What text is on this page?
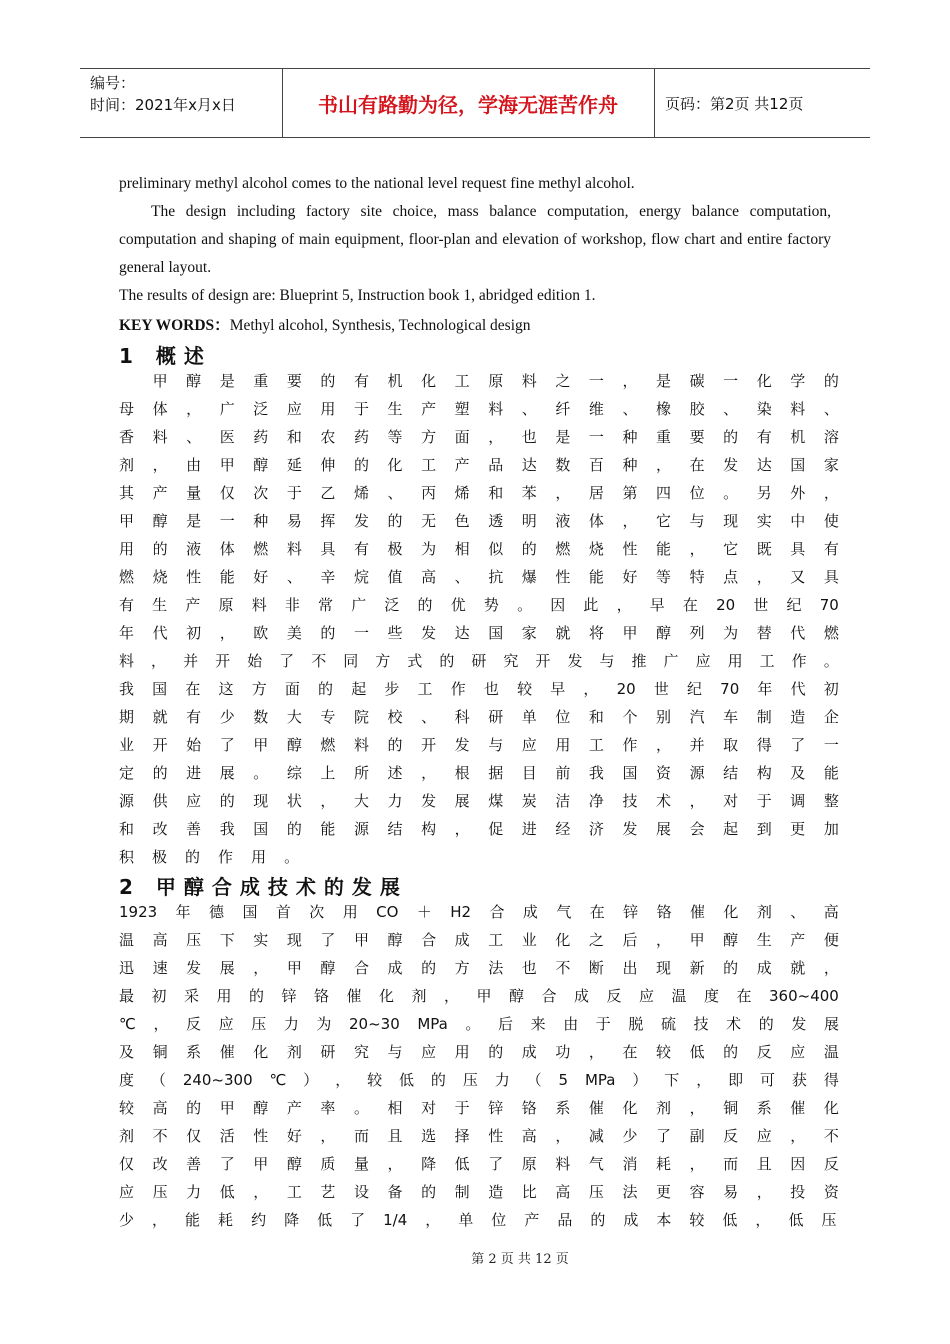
编号：
时间：2021年x月x日	书山有路勤为径，学海无涯苦作舟	页码：第2页 共12页

preliminary methyl alcohol comes to the national level request fine methyl alcohol.

The design including factory site choice, mass balance computation, energy balance computation, computation and shaping of main equipment, floor-plan and elevation of workshop, flow chart and entire factory general layout.

The results of design are: Blueprint 5, Instruction book 1, abridged edition 1.

KEY WORDS：Methyl alcohol, Synthesis, Technological design

1 概述

甲 醇 是 重 要 的 有 机 化 工 原 料 之 一 ， 是 碳 一 化 学 的
母 体 ， 广 泛 应 用 于 生 产 塑 料 、 纤 维 、 橡 胶 、 染 料 、
香 料 、 医 药 和 农 药 等 方 面 ， 也 是 一 种 重 要 的 有 机 溶
剂 ， 由 甲 醇 延 伸 的 化 工 产 品 达 数 百 种 ， 在 发 达 国 家
其 产 量 仅 次 于 乙 烯 、 丙 烯 和 苯 ， 居 第 四 位 。 另 外 ，
甲 醇 是 一 种 易 挥 发 的 无 色 透 明 液 体 ， 它 与 现 实 中 使
用 的 液 体 燃 料 具 有 极 为 相 似 的 燃 烧 性 能 ， 它 既 具 有
燃 烧 性 能 好 、 辛 烷 值 高 、 抗 爆 性 能 好 等 特 点 ， 又 具
有 生 产 原 料 非 常 广 泛 的 优 势 。 因 此 ， 早 在 20 世 纪 70
年 代 初 ， 欧 美 的 一 些 发 达 国 家 就 将 甲 醇 列 为 替 代 燃
料 ， 并 开 始 了 不 同 方 式 的 研 究 开 发 与 推 广 应 用 工 作 。
我 国 在 这 方 面 的 起 步 工 作 也 较 早 ， 20 世 纪 70 年 代 初
期 就 有 少 数 大 专 院 校 、 科 研 单 位 和 个 别 汽 车 制 造 企
业 开 始 了 甲 醇 燃 料 的 开 发 与 应 用 工 作 ， 并 取 得 了 一
定 的 进 展 。 综 上 所 述 ， 根 据 目 前 我 国 资 源 结 构 及 能
源 供 应 的 现 状 ， 大 力 发 展 煤 炭 洁 净 技 术 ， 对 于 调 整
和 改 善 我 国 的 能 源 结 构 ， 促 进 经 济 发 展 会 起 到 更 加
积 极 的 作 用 。
2 甲醇合成技术的发展
1923 年 德 国 首 次 用 CO ＋ H2 合 成 气 在 锌 铬 催 化 剂 、 高
温 高 压 下 实 现 了 甲 醇 合 成 工 业 化 之 后 ， 甲 醇 生 产 便
迅 速 发 展 ， 甲 醇 合 成 的 方 法 也 不 断 出 现 新 的 成 就 ，
最 初 采 用 的 锌 铬 催 化 剂 ， 甲 醇 合 成 反 应 温 度 在 360~400
℃ ， 反 应 压 力 为 20~30 MPa 。 后 来 由 于 脱 硫 技 术 的 发 展
及 铜 系 催 化 剂 研 究 与 应 用 的 成 功 ， 在 较 低 的 反 应 温
度 （ 240~300 ℃ ） ， 较 低 的 压 力 （ 5 MPa ） 下 ， 即 可 获 得
较 高 的 甲 醇 产 率 。 相 对 于 锌 铬 系 催 化 剂 ， 铜 系 催 化
剂 不 仅 活 性 好 ， 而 且 选 择 性 高 ， 减 少 了 副 反 应 ， 不
仅 改 善 了 甲 醇 质 量 ， 降 低 了 原 料 气 消 耗 ， 而 且 因 反
应 压 力 低 ， 工 艺 设 备 的 制 造 比 高 压 法 更 容 易 ， 投 资
少 ， 能 耗 约 降 低 了 1/4 ， 单 位 产 品 的 成 本 较 低 ， 低 压
第 2 页 共 12 页
